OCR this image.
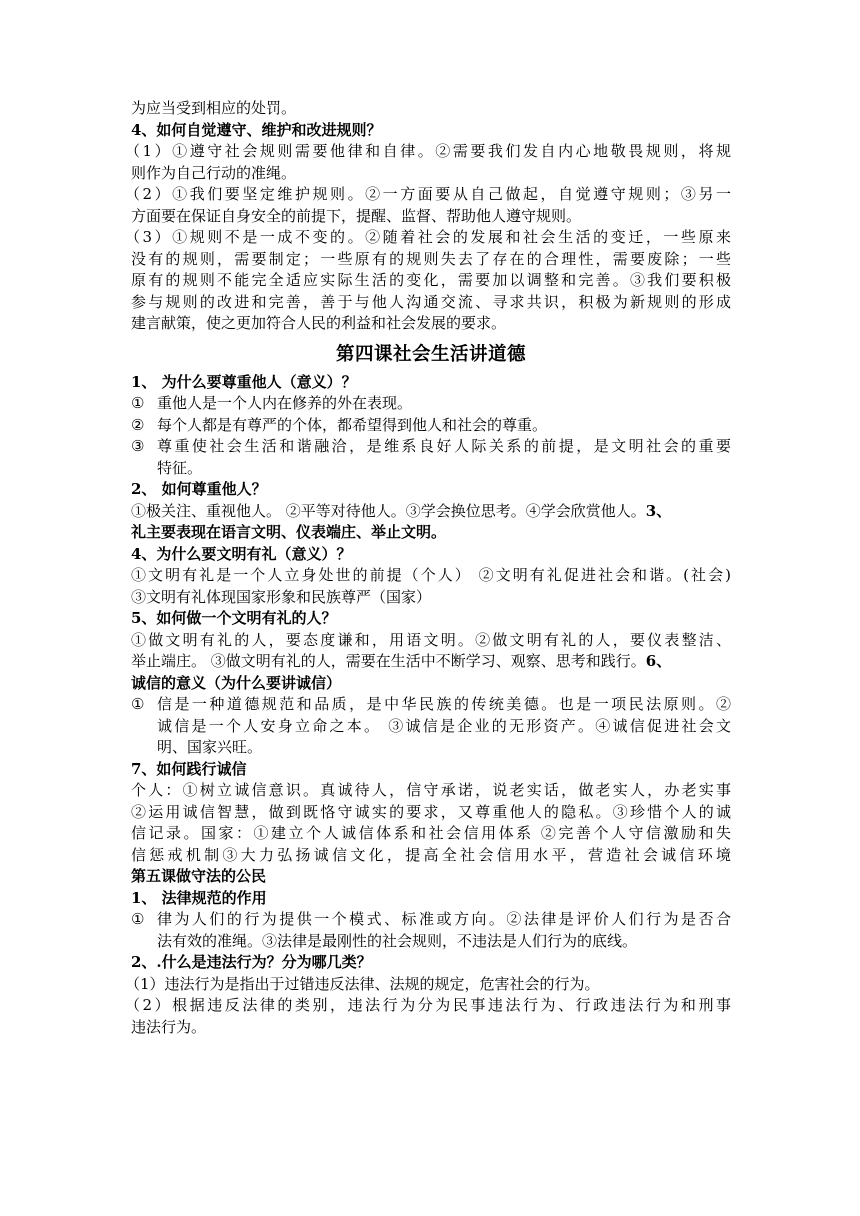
为应当受到相应的处罚。

4、如何自觉遵守、维护和改进规则？

（1）①遵守社会规则需要他律和自律。②需要我们发自内心地敬畏规则，将规

则作为自己行动的准绳。

（2）①我们要坚定维护规则。②一方面要从自己做起，自觉遵守规则；③另一

方面要在保证自身安全的前提下，提醒、监督、帮助他人遵守规则。

（3）①规则不是一成不变的。②随着社会的发展和社会生活的变迁，一些原来

没有的规则，需要制定；一些原有的规则失去了存在的合理性，需要废除；一些

原有的规则不能完全适应实际生活的变化，需要加以调整和完善。③我们要积极

参与规则的改进和完善，善于与他人沟通交流、寻求共识，积极为新规则的形成

建言献策，使之更加符合人民的利益和社会发展的要求。

第四课社会生活讲道德

1、 为什么要尊重他人（意义）？

① 重他人是一个人内在修养的外在表现。
② 每个人都是有尊严的个体，都希望得到他人和社会的尊重。
③ 尊重使社会生活和谐融洽，是维系良好人际关系的前提，是文明社会的重要
特征。

2、 如何尊重他人？

①极关注、重视他人。 ②平等对待他人。③学会换位思考。④学会欣赏他人。3、

礼主要表现在语言文明、仪表端庄、举止文明。

4、为什么要文明有礼（意义）？

①文明有礼是一个人立身处世的前提（个人） ②文明有礼促进社会和谐。(社会)

③文明有礼体现国家形象和民族尊严（国家）

5、如何做一个文明有礼的人？

①做文明有礼的人，要态度谦和，用语文明。②做文明有礼的人，要仪表整洁、

举止端庄。 ③做文明有礼的人，需要在生活中不断学习、观察、思考和践行。6、

诚信的意义（为什么要讲诚信）

① 信是一种道德规范和品质，是中华民族的传统美德。也是一项民法原则。②
诚信是一个人安身立命之本。 ③诚信是企业的无形资产。④诚信促进社会文
明、国家兴旺。

7、如何践行诚信

个人：①树立诚信意识。真诚待人，信守承诺，说老实话，做老实人，办老实事

②运用诚信智慧，做到既恪守诚实的要求，又尊重他人的隐私。③珍惜个人的诚

信记录。国家：①建立个人诚信体系和社会信用体系 ②完善个人守信激励和失

信惩戒机制③大力弘扬诚信文化，提高全社会信用水平，营造社会诚信环境

第五课做守法的公民

1、 法律规范的作用

① 律为人们的行为提供一个模式、标准或方向。②法律是评价人们行为是否合
法有效的准绳。③法律是最刚性的社会规则，不违法是人们行为的底线。

2、.什么是违法行为？分为哪几类？

（1）违法行为是指出于过错违反法律、法规的规定，危害社会的行为。

（2）根据违反法律的类别，违法行为分为民事违法行为、行政违法行为和刑事

违法行为。
